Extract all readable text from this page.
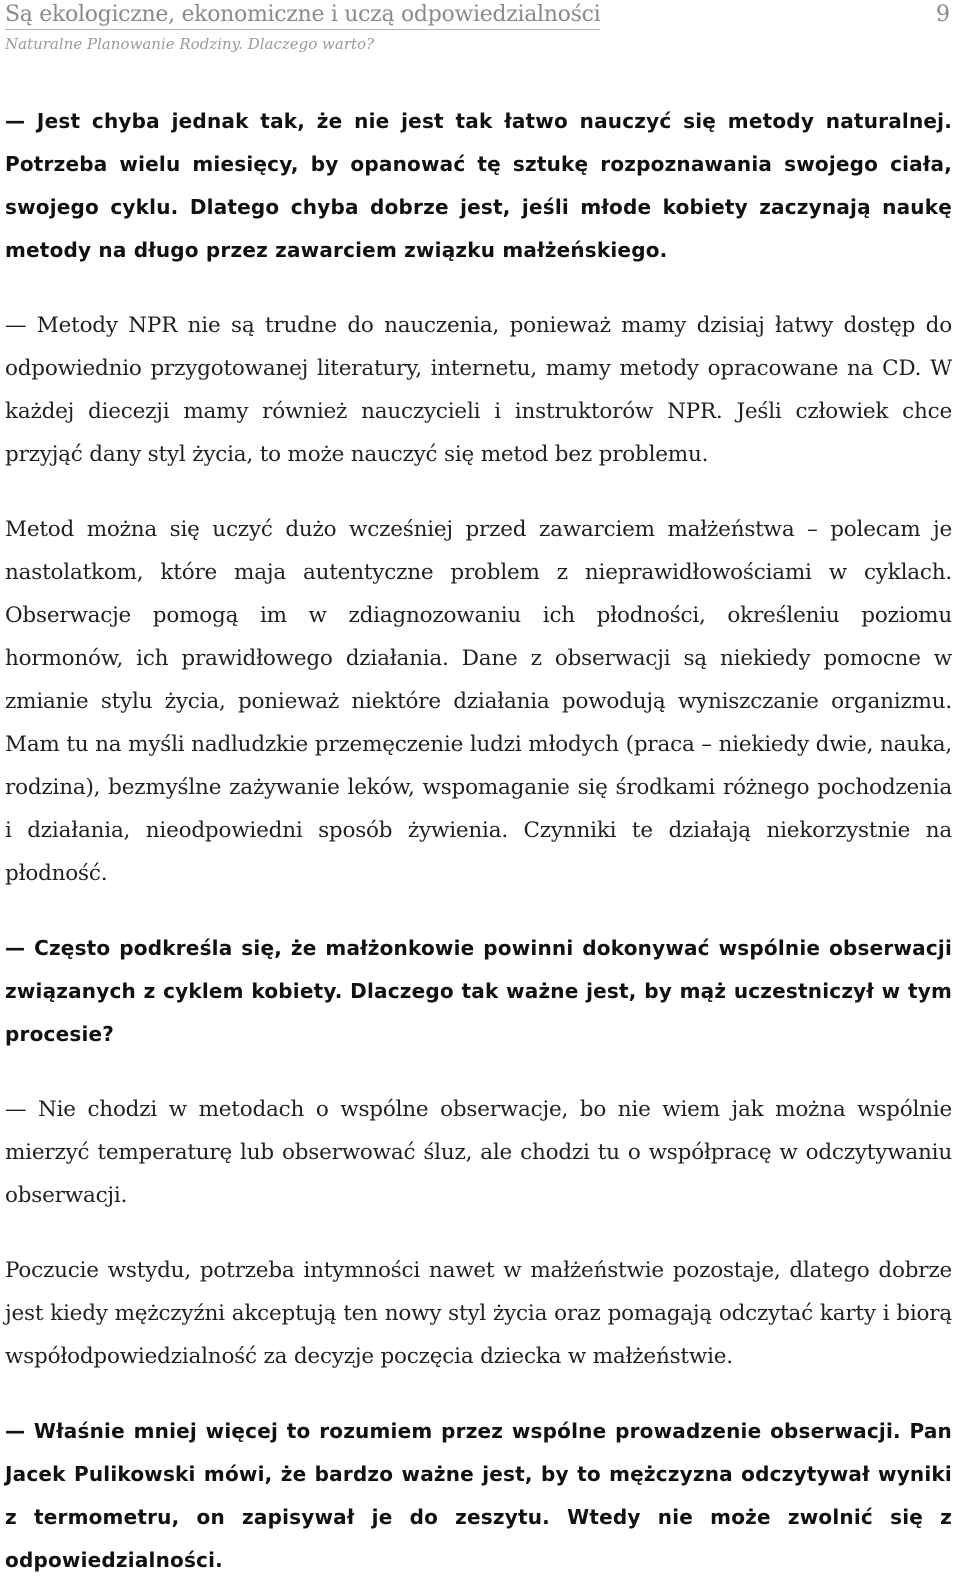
Są ekologiczne, ekonomiczne i uczą odpowiedzialności
Naturalne Planowanie Rodziny. Dlaczego warto?
9

— Jest chyba jednak tak, że nie jest tak łatwo nauczyć się metody naturalnej. Potrzeba wielu miesięcy, by opanować tę sztukę rozpoznawania swojego ciała, swojego cyklu. Dlatego chyba dobrze jest, jeśli młode kobiety zaczynają naukę metody na długo przez zawarciem związku małżeńskiego.

— Metody NPR nie są trudne do nauczenia, ponieważ mamy dzisiaj łatwy dostęp do odpowiednio przygotowanej literatury, internetu, mamy metody opracowane na CD. W każdej diecezji mamy również nauczycieli i instruktorów NPR. Jeśli człowiek chce przyjąć dany styl życia, to może nauczyć się metod bez problemu.

Metod można się uczyć dużo wcześniej przed zawarciem małżeństwa – polecam je nastolatkom, które maja autentyczne problem z nieprawidłowościami w cyklach. Obserwacje pomogą im w zdiagnozowaniu ich płodności, określeniu poziomu hormonów, ich prawidłowego działania. Dane z obserwacji są niekiedy pomocne w zmianie stylu życia, ponieważ niektóre działania powodują wyniszczanie organizmu. Mam tu na myśli nadludzkie przemęczenie ludzi młodych (praca – niekiedy dwie, nauka, rodzina), bezmyślne zażywanie leków, wspomaganie się środkami różnego pochodzenia i działania, nieodpowiedni sposób żywienia. Czynniki te działają niekorzystnie na płodność.

— Często podkreśla się, że małżonkowie powinni dokonywać wspólnie obserwacji związanych z cyklem kobiety. Dlaczego tak ważne jest, by mąż uczestniczył w tym procesie?

— Nie chodzi w metodach o wspólne obserwacje, bo nie wiem jak można wspólnie mierzyć temperaturę lub obserwować śluz, ale chodzi tu o współpracę w odczytywaniu obserwacji.

Poczucie wstydu, potrzeba intymności nawet w małżeństwie pozostaje, dlatego dobrze jest kiedy mężczyźni akceptują ten nowy styl życia oraz pomagają odczytać karty i biorą współodpowiedzialność za decyzje poczęcia dziecka w małżeństwie.

— Właśnie mniej więcej to rozumiem przez wspólne prowadzenie obserwacji. Pan Jacek Pulikowski mówi, że bardzo ważne jest, by to mężczyzna odczytywał wyniki z termometru, on zapisywał je do zeszytu. Wtedy nie może zwolnić się z odpowiedzialności.
